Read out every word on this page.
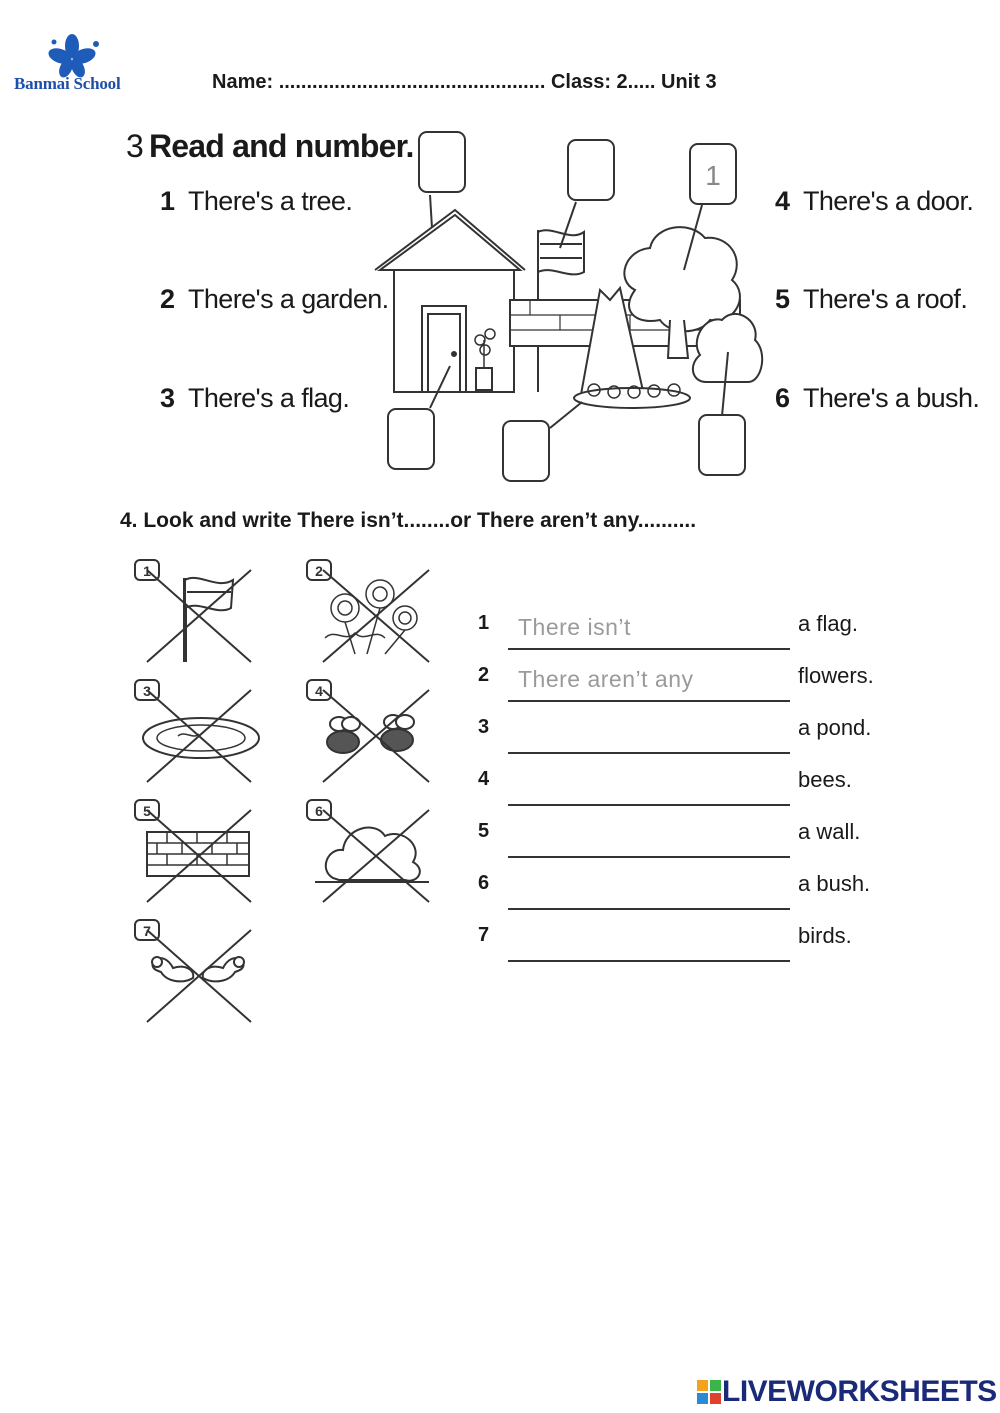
Banmai School	Name: ................................................ Class: 2..... Unit 3
3 Read and number.
1 There's a tree.
2 There's a garden.
3 There's a flag.
4 There's a door.
5 There's a roof.
6 There's a bush.
1
4. Look and write There isn’t........or There aren’t any..........
1	2
3	4
5	6
7
1 There isn’t	a flag.
2 There aren’t any	flowers.
3	a pond.
4	bees.
5	a wall.
6	a bush.
7	birds.
LIVEWORKSHEETS
